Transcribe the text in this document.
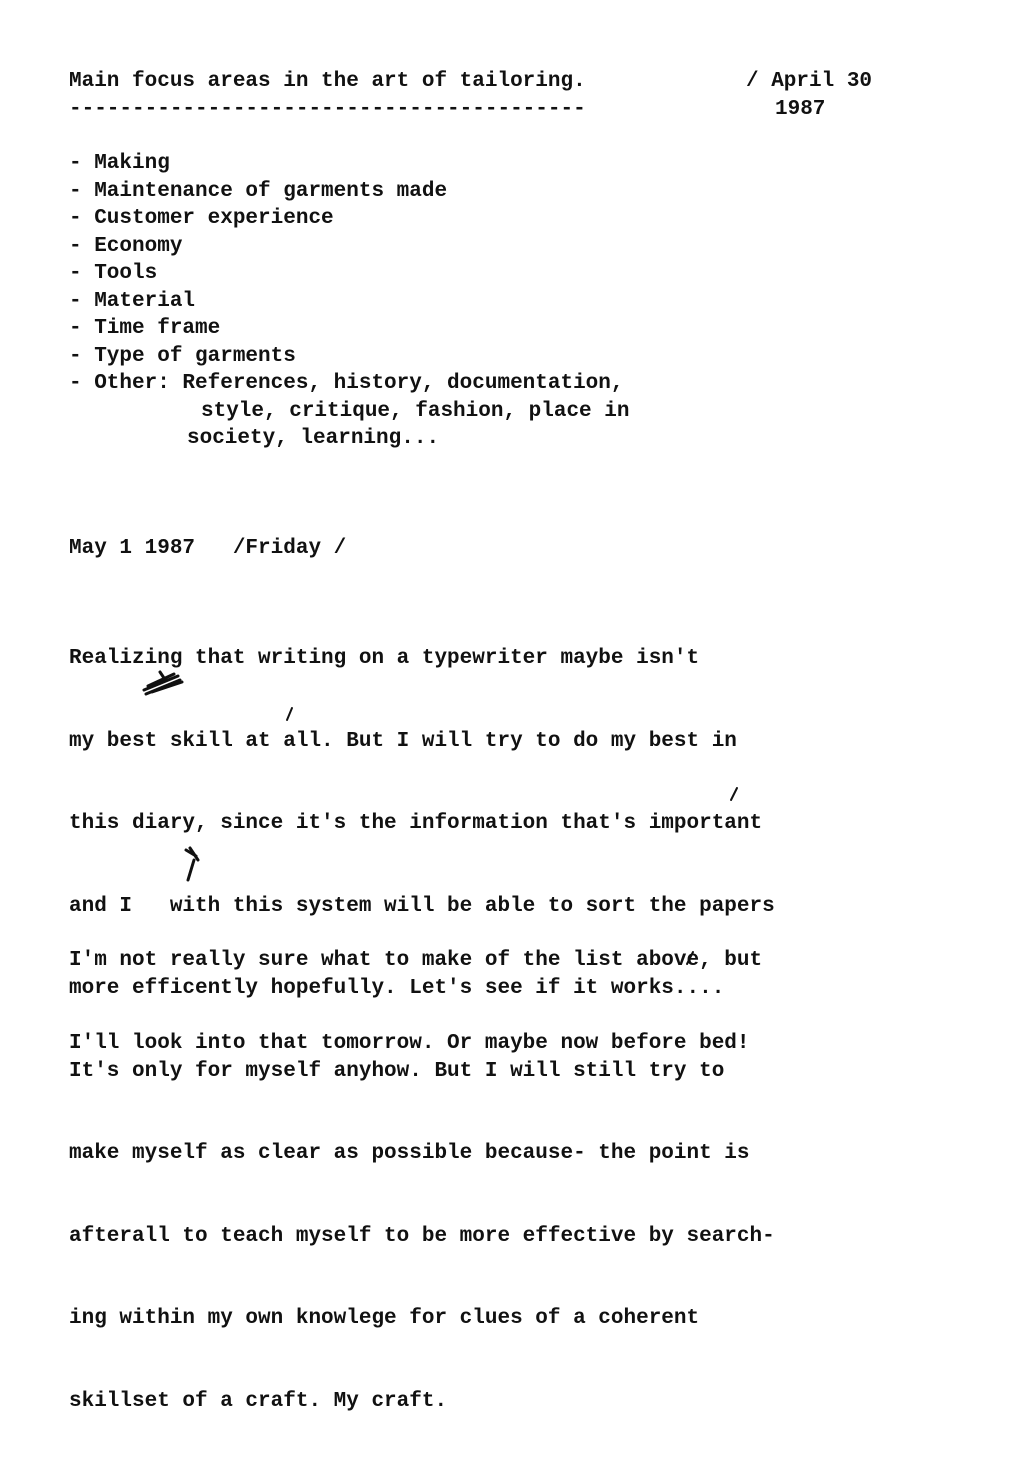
Main focus areas in the art of tailoring.
-----------------------------------------
/ April 30
1987
- Making
- Maintenance of garments made
- Customer experience
- Economy
- Tools
- Material
- Time frame
- Type of garments
- Other: References, history, documentation,
style, critique, fashion, place in
society, learning...
May 1 1987   /Friday /

Realizing that writing on a typewriter maybe isn't

my best skill at all. But I will try to do my best in

this diary, since it's the information that's important

and I   with this system will be able to sort the papers

more efficently hopefully. Let's see if it works....

It's only for myself anyhow. But I will still try to

make myself as clear as possible because- the point is

afterall to teach myself to be more effective by search-

ing within my own knowlege for clues of a coherent

skillset of a craft. My craft.

I'm not really sure what to make of the list above, but

I'll look into that tomorrow. Or maybe now before bed!
